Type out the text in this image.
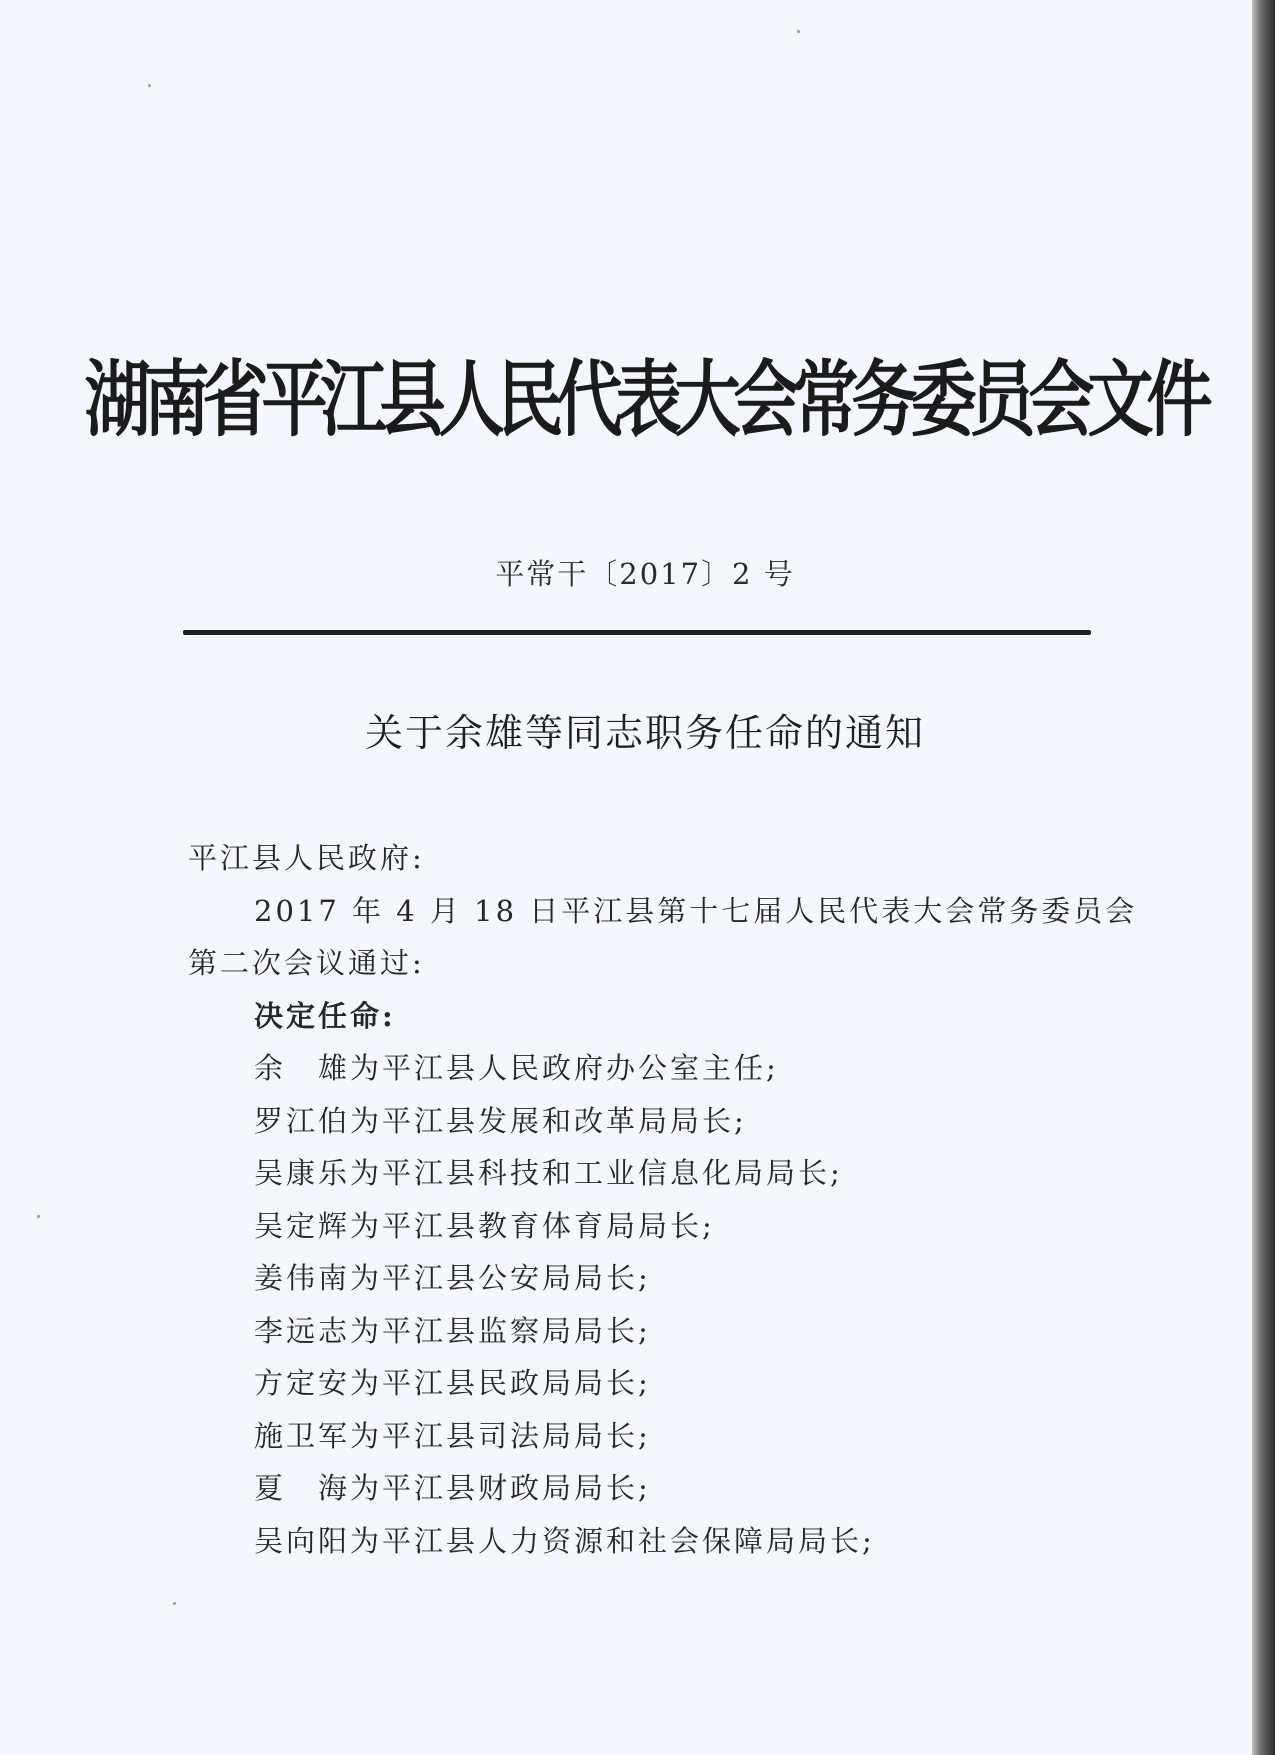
湖南省平江县人民代表大会常务委员会文件
平常干〔2017〕2 号
关于余雄等同志职务任命的通知
平江县人民政府:
2017 年 4 月 18 日平江县第十七届人民代表大会常务委员会
第二次会议通过:
决定任命:
余　雄为平江县人民政府办公室主任;
罗江伯为平江县发展和改革局局长;
吴康乐为平江县科技和工业信息化局局长;
吴定辉为平江县教育体育局局长;
姜伟南为平江县公安局局长;
李远志为平江县监察局局长;
方定安为平江县民政局局长;
施卫军为平江县司法局局长;
夏　海为平江县财政局局长;
吴向阳为平江县人力资源和社会保障局局长;
